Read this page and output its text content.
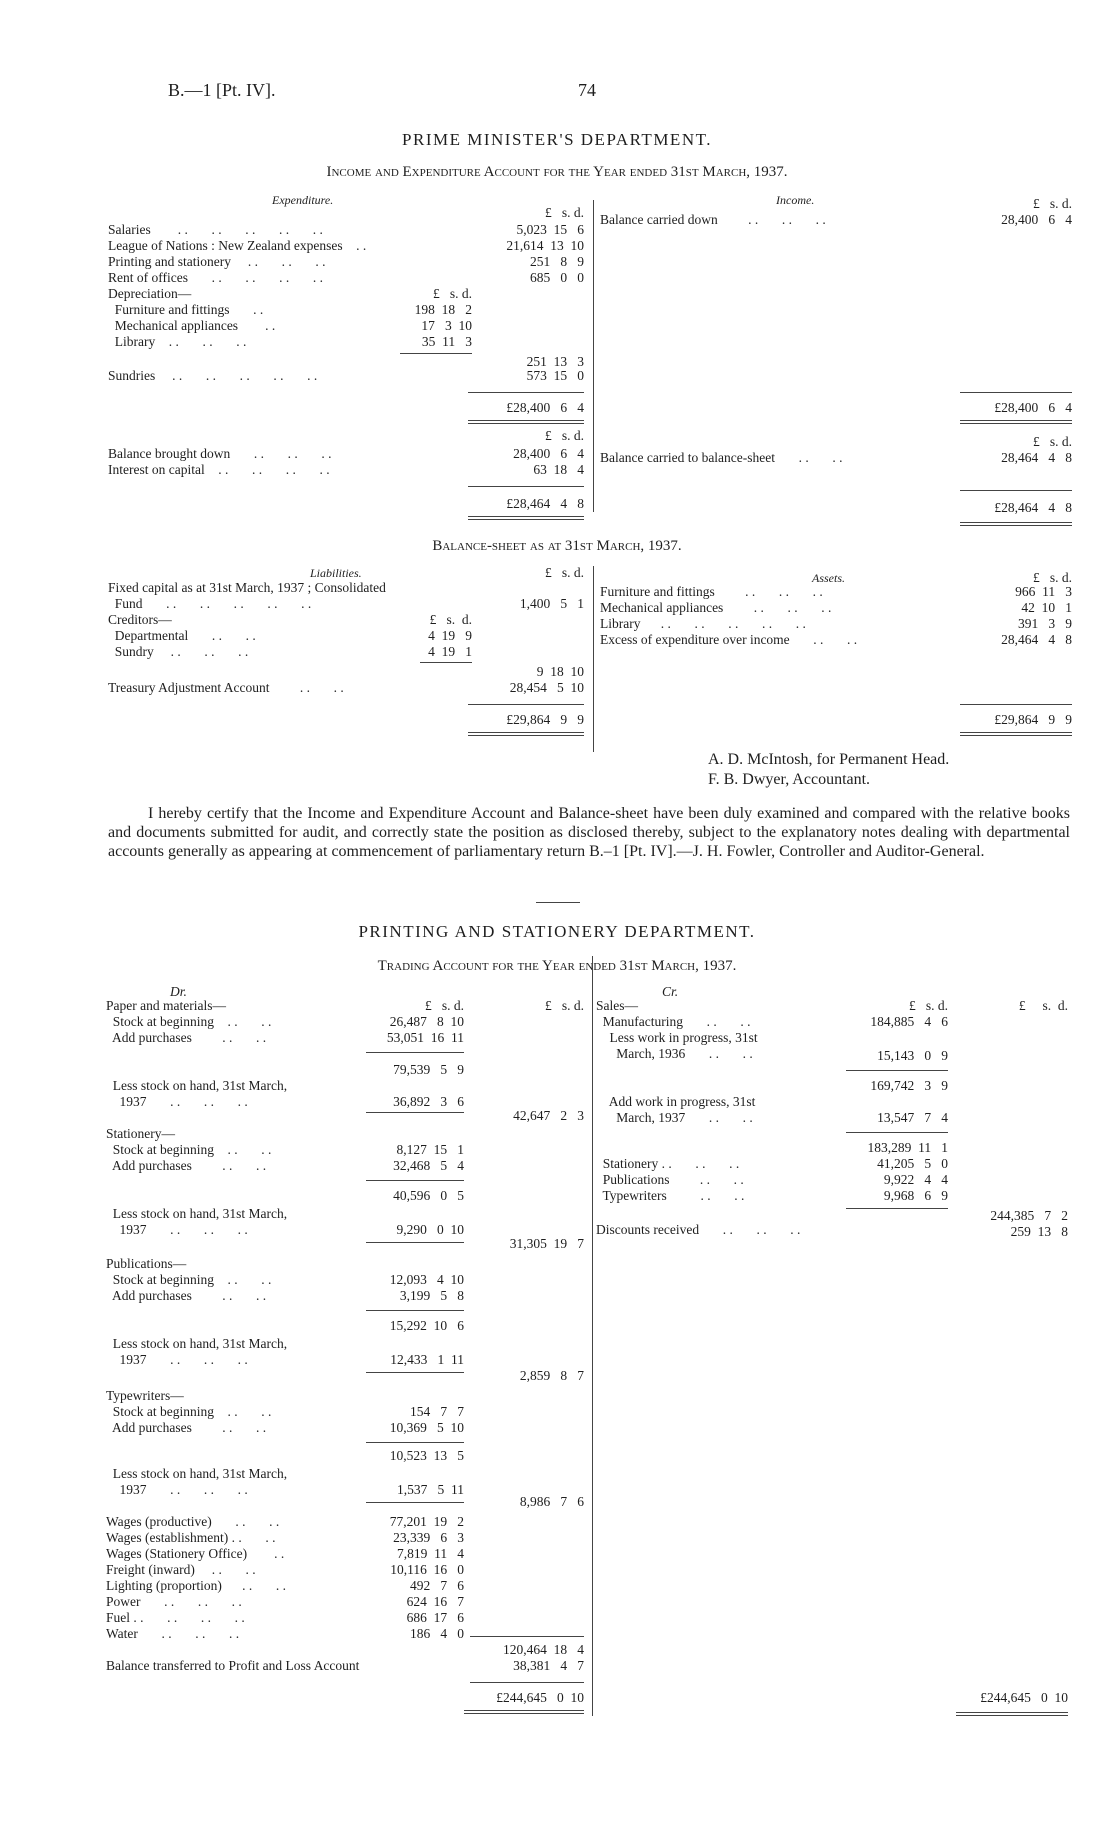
B.—1 [Pt. IV].	74
PRIME MINISTER'S DEPARTMENT.
Income and Expenditure Account for the Year ended 31st March, 1937.
Expenditure.	Income.
£   s. d.
£   s. d.
Salaries        . .       . .       . .       . .       . .	5,023  15   6
League of Nations : New Zealand expenses    . .	21,614  13  10
Printing and stationery     . .       . .       . .	251   8   9
Rent of offices       . .       . .       . .       . .	685   0   0
Depreciation—	£   s. d.
Furniture and fittings       . .	198  18   2
Mechanical appliances        . .	17   3  10
Library    . .       . .       . .	35  11   3
251  13   3
Sundries     . .       . .       . .       . .       . .	573  15   0
£28,400   6   4
Balance carried down         . .       . .       . .	28,400   6   4
£28,400   6   4
£   s. d.	£   s. d.
Balance brought down       . .       . .       . .	28,400   6   4
Interest on capital    . .       . .       . .       . .	63  18   4
Balance carried to balance-sheet       . .       . .	28,464   4   8
£28,464   4   8	£28,464   4   8
Balance-sheet as at 31st March, 1937.
Liabilities.	Assets.
£   s. d.	£   s. d.
Fixed capital as at 31st March, 1937 ; Consolidated
Fund       . .       . .       . .       . .       . .	1,400   5   1
Creditors—	£   s.  d.
Departmental       . .       . .	4  19   9
Sundry     . .       . .       . .	4  19   1
9  18  10
Treasury Adjustment Account         . .       . .	28,454   5  10
£29,864   9   9
Furniture and fittings         . .       . .       . .	966  11   3
Mechanical appliances         . .       . .       . .	42  10   1
Library      . .       . .       . .       . .       . .	391   3   9
Excess of expenditure over income       . .       . .	28,464   4   8
£29,864   9   9
A. D. McIntosh, for Permanent Head.
F. B. Dwyer, Accountant.
I hereby certify that the Income and Expenditure Account and Balance-sheet have been duly examined and compared with the relative books and documents submitted for audit, and correctly state the position as disclosed thereby, subject to the explanatory notes dealing with departmental accounts generally as appearing at commencement of parliamentary return B.–1 [Pt. IV].—J. H. Fowler, Controller and Auditor-General.
PRINTING AND STATIONERY DEPARTMENT.
Trading Account for the Year ended 31st March, 1937.
Dr.	Cr.
£   s. d.	£   s. d.	£   s. d.	£     s.  d.
Paper and materials—
Stock at beginning    . .       . .	26,487   8  10
Add purchases         . .       . .	53,051  16  11
79,539   5   9
Less stock on hand, 31st March,
1937       . .       . .       . .	36,892   3   6
42,647   2   3
Stationery—
Stock at beginning    . .       . .	8,127  15   1
Add purchases         . .       . .	32,468   5   4
40,596   0   5
Less stock on hand, 31st March,
1937       . .       . .       . .	9,290   0  10
31,305  19   7
Publications—
Stock at beginning    . .       . .	12,093   4  10
Add purchases         . .       . .	3,199   5   8
15,292  10   6
Less stock on hand, 31st March,
1937       . .       . .       . .	12,433   1  11
2,859   8   7
Typewriters—
Stock at beginning    . .       . .	154   7   7
Add purchases         . .       . .	10,369   5  10
10,523  13   5
Less stock on hand, 31st March,
1937       . .       . .       . .	1,537   5  11
8,986   7   6
Wages (productive)       . .       . .	77,201  19   2
Wages (establishment) . .       . .	23,339   6   3
Wages (Stationery Office)        . .	7,819  11   4
Freight (inward)     . .       . .	10,116  16   0
Lighting (proportion)      . .       . .	492   7   6
Power       . .       . .       . .	624  16   7
Fuel . .       . .       . .       . .	686  17   6
Water       . .       . .       . .	186   4   0
120,464  18   4
Balance transferred to Profit and Loss Account	38,381   4   7
£244,645   0  10
Sales—
Manufacturing       . .       . .	184,885   4   6
Less work in progress, 31st
March, 1936       . .       . .	15,143   0   9
169,742   3   9
Add work in progress, 31st
March, 1937       . .       . .	13,547   7   4
183,289  11   1
Stationery . .       . .       . .	41,205   5   0
Publications         . .       . .	9,922   4   4
Typewriters          . .       . .	9,968   6   9
244,385   7   2
Discounts received       . .       . .       . .	259  13   8
£244,645   0  10
